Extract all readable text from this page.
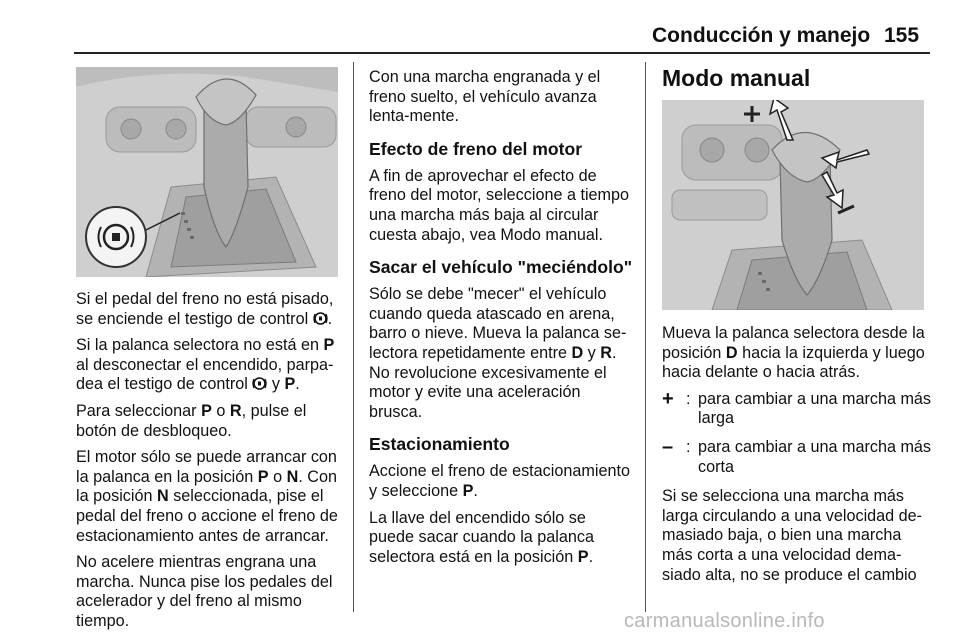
Conducción y manejo 155

Si el pedal del freno no está pisado, se enciende el testigo de control .

Si la palanca selectora no está en P al desconectar el encendido, parpa-dea el testigo de control  y P.

Para seleccionar P o R, pulse el botón de desbloqueo.

El motor sólo se puede arrancar con la palanca en la posición P o N. Con la posición N seleccionada, pise el pedal del freno o accione el freno de estacionamiento antes de arrancar.

No acelere mientras engrana una marcha. Nunca pise los pedales del acelerador y del freno al mismo tiempo.

Con una marcha engranada y el freno suelto, el vehículo avanza lenta-mente.

Efecto de freno del motor

A fin de aprovechar el efecto de freno del motor, seleccione a tiempo una marcha más baja al circular cuesta abajo, vea Modo manual.

Sacar el vehículo "meciéndolo"

Sólo se debe "mecer" el vehículo cuando queda atascado en arena, barro o nieve. Mueva la palanca se-lectora repetidamente entre D y R. No revolucione excesivamente el motor y evite una aceleración brusca.

Estacionamiento

Accione el freno de estacionamiento y seleccione P.

La llave del encendido sólo se puede sacar cuando la palanca selectora está en la posición P.

Modo manual

Mueva la palanca selectora desde la posición D hacia la izquierda y luego hacia delante o hacia atrás.

+ : para cambiar a una marcha más larga
– : para cambiar a una marcha más corta

Si se selecciona una marcha más larga circulando a una velocidad de-masiado baja, o bien una marcha más corta a una velocidad dema-siado alta, no se produce el cambio

carmanualsonline.info
